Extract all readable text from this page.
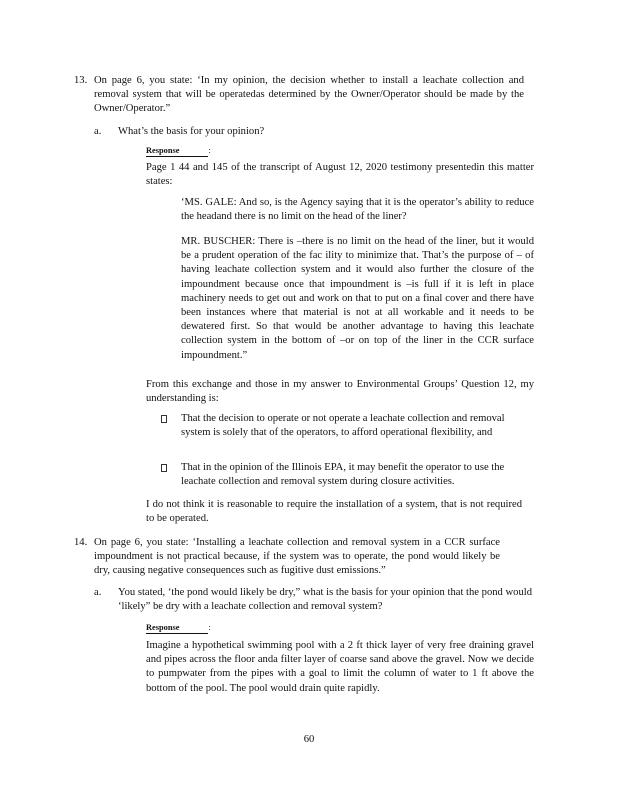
13. On page 6, you state: ‘In my opinion, the decision whether to install a leachate collection and removal system that will be operatedas determined by the Owner/Operator should be made by the Owner/Operator.”

a. What’s the basis for your opinion?

Response	:

Page 1 44 and 145 of the transcript of August 12, 2020 testimony presentedin this matter states:

‘MS. GALE: And so, is the Agency saying that it is the operator’s ability to reduce the headand there is no limit on the head of the liner?

MR. BUSCHER: There is –there is no limit on the head of the liner, but it would be a prudent operation of the fac ility to minimize that. That’s the purpose of – of having leachate collection system and it would also further the closure of the impoundment because once that impoundment is –is full if it is left in place machinery needs to get out and work on that to put on a final cover and there have been instances where that material is not at all workable and it needs to be dewatered first. So that would be another advantage to having this leachate collection system in the bottom of –or on top of the liner in the CCR surface impoundment.”

From this exchange and those in my answer to Environmental Groups’ Question 12, my understanding is:

That the decision to operate or not operate a leachate collection and removal system is solely that of the operators, to afford operational flexibility, and

That in the opinion of the Illinois EPA, it may benefit the operator to use the leachate collection and removal system during closure activities.

I do not think it is reasonable to require the installation of a system, that is not required to be operated.

14. On page 6, you state: ‘Installing a leachate collection and removal system in a CCR surface impoundment is not practical because, if the system was to operate, the pond would likely be dry, causing negative consequences such as fugitive dust emissions.”

a. You stated, ‘the pond would likely be dry,” what is the basis for your opinion that the pond would ‘likely” be dry with a leachate collection and removal system?

Response	:

Imagine a hypothetical swimming pool with a 2 ft thick layer of very free draining gravel and pipes across the floor anda filter layer of coarse sand above the gravel. Now we decide to pumpwater from the pipes with a goal to limit the column of water to 1 ft above the bottom of the pool. The pool would drain quite rapidly.

60
